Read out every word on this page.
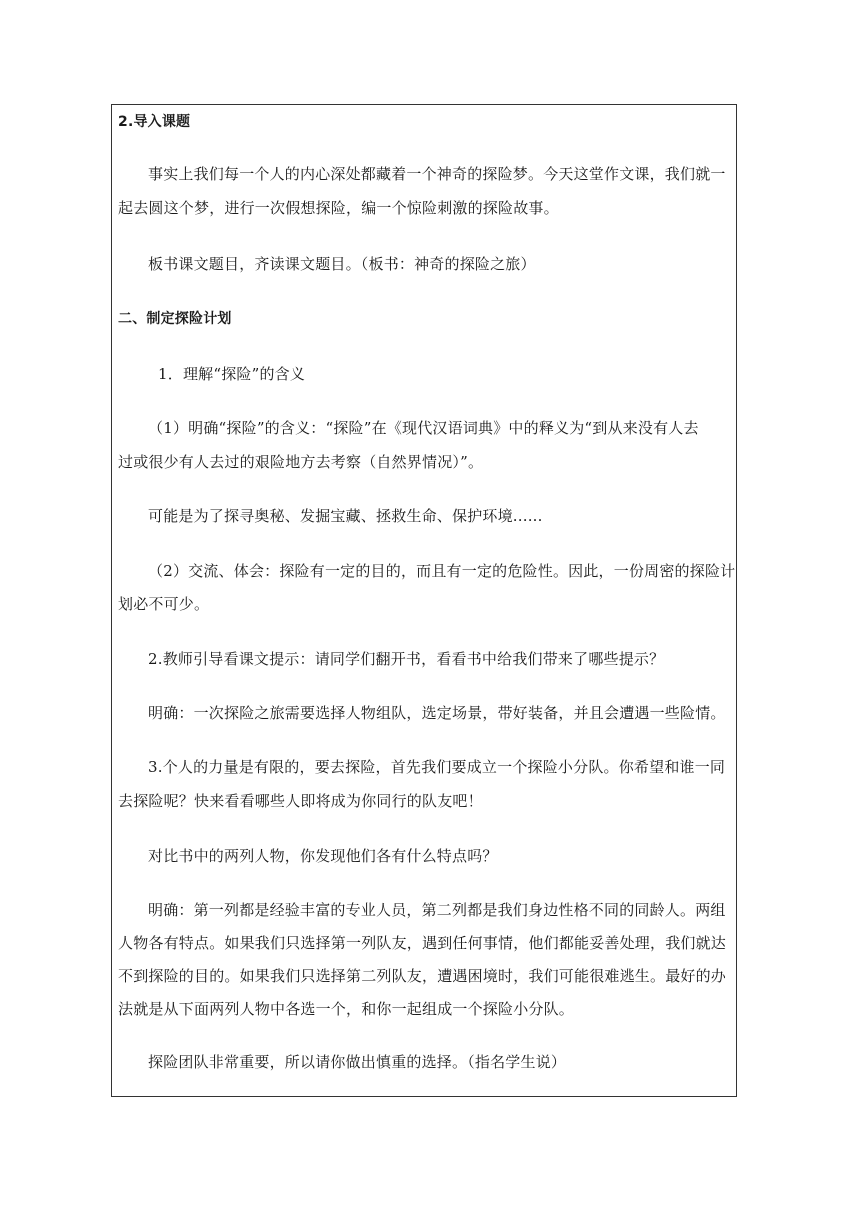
2.导入课题
事实上我们每一个人的内心深处都藏着一个神奇的探险梦。今天这堂作文课，我们就一
起去圆这个梦，进行一次假想探险，编一个惊险刺激的探险故事。
板书课文题目，齐读课文题目。（板书：神奇的探险之旅）
二、制定探险计划
1．理解“探险”的含义
（1）明确“探险”的含义：“探险”在《现代汉语词典》中的释义为“到从来没有人去
过或很少有人去过的艰险地方去考察（自然界情况）”。
可能是为了探寻奥秘、发掘宝藏、拯救生命、保护环境......
（2）交流、体会：探险有一定的目的，而且有一定的危险性。因此，一份周密的探险计
划必不可少。
2.教师引导看课文提示：请同学们翻开书，看看书中给我们带来了哪些提示？
明确：一次探险之旅需要选择人物组队，选定场景，带好装备，并且会遭遇一些险情。
3.个人的力量是有限的，要去探险，首先我们要成立一个探险小分队。你希望和谁一同
去探险呢？快来看看哪些人即将成为你同行的队友吧！
对比书中的两列人物，你发现他们各有什么特点吗？
明确：第一列都是经验丰富的专业人员，第二列都是我们身边性格不同的同龄人。两组
人物各有特点。如果我们只选择第一列队友，遇到任何事情，他们都能妥善处理，我们就达
不到探险的目的。如果我们只选择第二列队友，遭遇困境时，我们可能很难逃生。最好的办
法就是从下面两列人物中各选一个，和你一起组成一个探险小分队。
探险团队非常重要，所以请你做出慎重的选择。（指名学生说）
